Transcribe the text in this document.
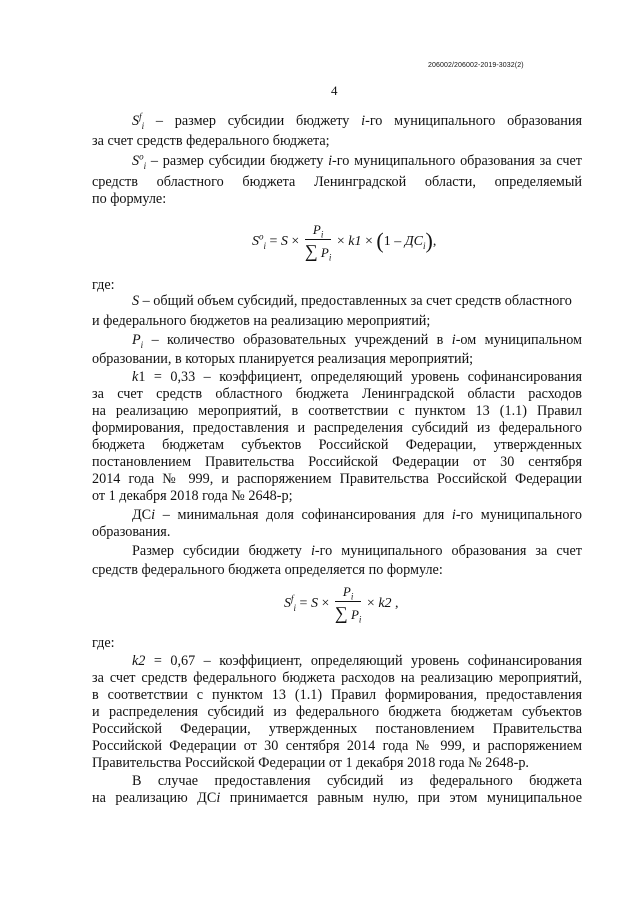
206002/206002-2019-3032(2)
4

$S^f_i$ – размер субсидии бюджету i-го муниципального образования

за счет средств федерального бюджета;

$S^o_i$ – размер субсидии бюджету i-го муниципального образования за счет

средств областного бюджета Ленинградской области, определяемый

по формуле:

$S^o_i = S \times \frac{P_i}{\sum P_i} \times k1 \times (1 - ДС_i)$,

где:

S – общий объем субсидий, предоставленных за счет средств областного

и федерального бюджетов на реализацию мероприятий;

$P_i$ – количество образовательных учреждений в i-ом муниципальном

образовании, в которых планируется реализация мероприятий;

k1 = 0,33 – коэффициент, определяющий уровень софинансирования

за счет средств областного бюджета Ленинградской области расходов

на реализацию мероприятий, в соответствии с пунктом 13 (1.1) Правил

формирования, предоставления и распределения субсидий из федерального

бюджета бюджетам субъектов Российской Федерации, утвержденных

постановлением Правительства Российской Федерации от 30 сентября

2014 года № 999, и распоряжением Правительства Российской Федерации

от 1 декабря 2018 года № 2648-р;

ДСi – минимальная доля софинансирования для i-го муниципального

образования.

Размер субсидии бюджету i-го муниципального образования за счет

средств федерального бюджета определяется по формуле:

$S^f_i = S \times \frac{P_i}{\sum P_i} \times k2$ ,

где:

k2 = 0,67 – коэффициент, определяющий уровень софинансирования

за счет средств федерального бюджета расходов на реализацию мероприятий,

в соответствии с пунктом 13 (1.1) Правил формирования, предоставления

и распределения субсидий из федерального бюджета бюджетам субъектов

Российской Федерации, утвержденных постановлением Правительства

Российской Федерации от 30 сентября 2014 года № 999, и распоряжением

Правительства Российской Федерации от 1 декабря 2018 года № 2648-р.

В случае предоставления субсидий из федерального бюджета

на реализацию ДСi принимается равным нулю, при этом муниципальное
